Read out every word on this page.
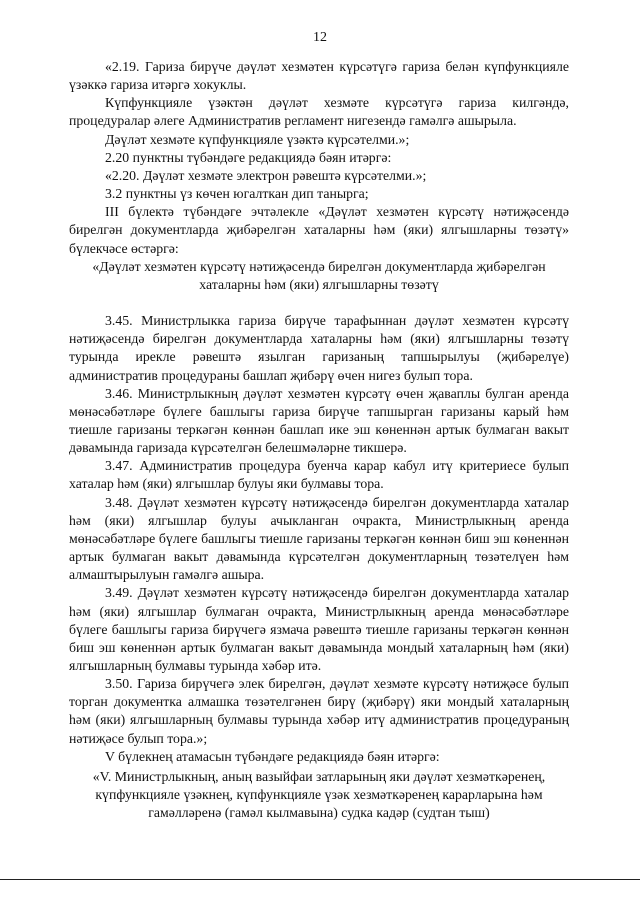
12

«2.19. Гариза бирүче дәүләт хезмәтен күрсәтүгә гариза белән күпфункцияле үзәккә гариза итәргә хокуклы.

Күпфункцияле үзәктән дәүләт хезмәте күрсәтүгә гариза килгәндә, процедуралар әлеге Административ регламент нигезендә гамәлгә ашырыла.

Дәүләт хезмәте күпфункцияле үзәктә күрсәтелми.»;

2.20 пунктны түбәндәге редакциядә бәян итәргә:

«2.20. Дәүләт хезмәте электрон рәвештә күрсәтелми.»;

3.2 пунктны үз көчен югалткан дип танырга;

III бүлектә түбәндәге эчтәлекле «Дәүләт хезмәтен күрсәтү нәтиҗәсендә бирелгән документларда җибәрелгән хаталарны һәм (яки) ялгышларны төзәтү» бүлекчәсе өстәргә:

«Дәүләт хезмәтен күрсәтү нәтиҗәсендә бирелгән документларда җибәрелгән хаталарны һәм (яки) ялгышларны төзәтү

3.45. Министрлыкка гариза бирүче тарафыннан дәүләт хезмәтен күрсәтү нәтиҗәсендә бирелгән документларда хаталарны һәм (яки) ялгышларны төзәтү турында ирекле рәвештә язылган гаризаның тапшырылуы (җибәрелүе) административ процедураны башлап җибәрү өчен нигез булып тора.

3.46. Министрлыкның дәүләт хезмәтен күрсәтү өчен җаваплы булган аренда мөнәсәбәтләре бүлеге башлыгы гариза бирүче тапшырган гаризаны карый һәм тиешле гаризаны теркәгән көннән башлап ике эш көненнән артык булмаган вакыт дәвамында гаризада күрсәтелгән белешмәләрне тикшерә.

3.47. Административ процедура буенча карар кабул итү критериесе булып хаталар һәм (яки) ялгышлар булуы яки булмавы тора.

3.48. Дәүләт хезмәтен күрсәтү нәтиҗәсендә бирелгән документларда хаталар һәм (яки) ялгышлар булуы ачыкланган очракта, Министрлыкның аренда мөнәсәбәтләре бүлеге башлыгы тиешле гаризаны теркәгән көннән биш эш көненнән артык булмаган вакыт дәвамында күрсәтелгән документларның төзәтелүен һәм алмаштырылуын гамәлгә ашыра.

3.49. Дәүләт хезмәтен күрсәтү нәтиҗәсендә бирелгән документларда хаталар һәм (яки) ялгышлар булмаган очракта, Министрлыкның аренда мөнәсәбәтләре бүлеге башлыгы гариза бирүчегә язмача рәвештә тиешле гаризаны теркәгән көннән биш эш көненнән артык булмаган вакыт дәвамында мондый хаталарның һәм (яки) ялгышларның булмавы турында хәбәр итә.

3.50. Гариза бирүчегә элек бирелгән, дәүләт хезмәте күрсәтү нәтиҗәсе булып торган документка алмашка төзәтелгәнен бирү (җибәрү) яки мондый хаталарның һәм (яки) ялгышларның булмавы турында хәбәр итү административ процедураның нәтиҗәсе булып тора.»;

V бүлекнең атамасын түбәндәге редакциядә бәян итәргә:

«V. Министрлыкның, аның вазыйфаи затларының яки дәүләт хезмәткәренең, күпфункцияле үзәкнең, күпфункцияле үзәк хезмәткәренең карарларына һәм гамәлләренә (гамәл кылмавына) судка кадәр (судтан тыш)
